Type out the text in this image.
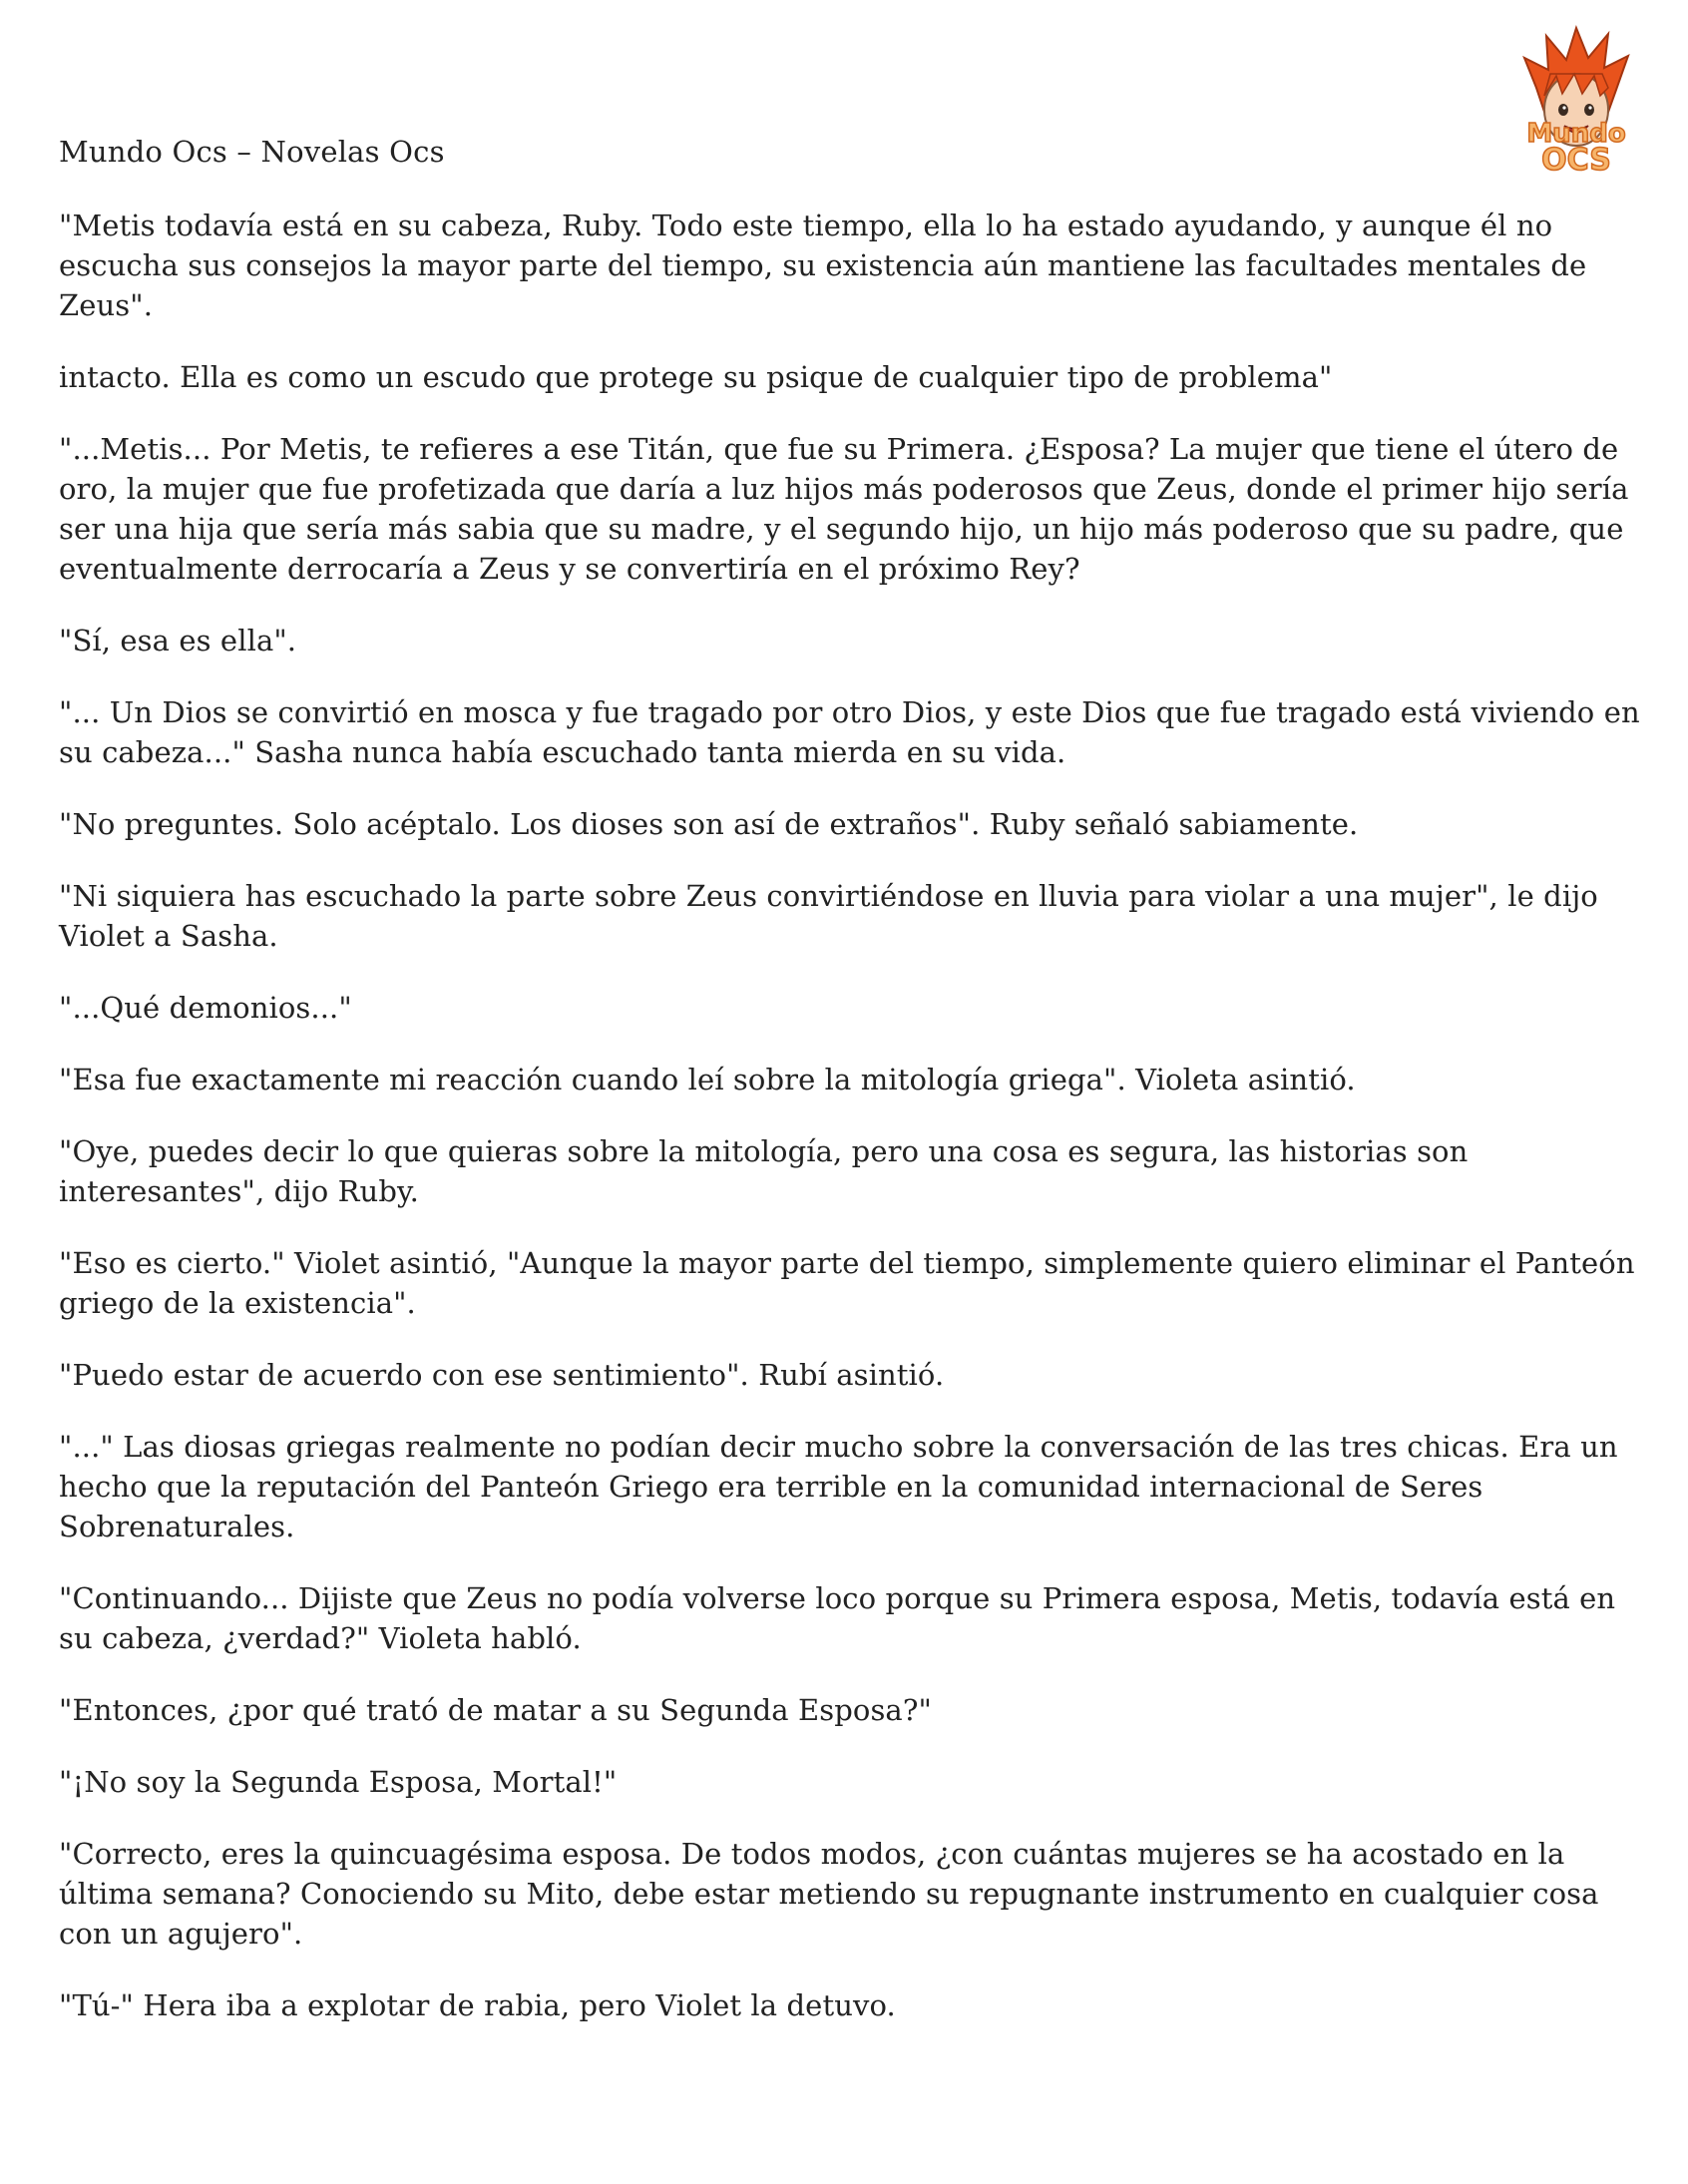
Mundo Ocs – Novelas Ocs
Mundo
OCS

"Metis todavía está en su cabeza, Ruby. Todo este tiempo, ella lo ha estado ayudando, y aunque él no escucha sus consejos la mayor parte del tiempo, su existencia aún mantiene las facultades mentales de Zeus".

intacto. Ella es como un escudo que protege su psique de cualquier tipo de problema"

"...Metis... Por Metis, te refieres a ese Titán, que fue su Primera. ¿Esposa? La mujer que tiene el útero de oro, la mujer que fue profetizada que daría a luz hijos más poderosos que Zeus, donde el primer hijo sería ser una hija que sería más sabia que su madre, y el segundo hijo, un hijo más poderoso que su padre, que eventualmente derrocaría a Zeus y se convertiría en el próximo Rey?

"Sí, esa es ella".

"... Un Dios se convirtió en mosca y fue tragado por otro Dios, y este Dios que fue tragado está viviendo en su cabeza..." Sasha nunca había escuchado tanta mierda en su vida.

"No preguntes. Solo acéptalo. Los dioses son así de extraños". Ruby señaló sabiamente.

"Ni siquiera has escuchado la parte sobre Zeus convirtiéndose en lluvia para violar a una mujer", le dijo Violet a Sasha.

"...Qué demonios..."

"Esa fue exactamente mi reacción cuando leí sobre la mitología griega". Violeta asintió.

"Oye, puedes decir lo que quieras sobre la mitología, pero una cosa es segura, las historias son interesantes", dijo Ruby.

"Eso es cierto." Violet asintió, "Aunque la mayor parte del tiempo, simplemente quiero eliminar el Panteón griego de la existencia".

"Puedo estar de acuerdo con ese sentimiento". Rubí asintió.

"..." Las diosas griegas realmente no podían decir mucho sobre la conversación de las tres chicas. Era un hecho que la reputación del Panteón Griego era terrible en la comunidad internacional de Seres Sobrenaturales.

"Continuando... Dijiste que Zeus no podía volverse loco porque su Primera esposa, Metis, todavía está en su cabeza, ¿verdad?" Violeta habló.

"Entonces, ¿por qué trató de matar a su Segunda Esposa?"

"¡No soy la Segunda Esposa, Mortal!"

"Correcto, eres la quincuagésima esposa. De todos modos, ¿con cuántas mujeres se ha acostado en la última semana? Conociendo su Mito, debe estar metiendo su repugnante instrumento en cualquier cosa con un agujero".

"Tú-" Hera iba a explotar de rabia, pero Violet la detuvo.
